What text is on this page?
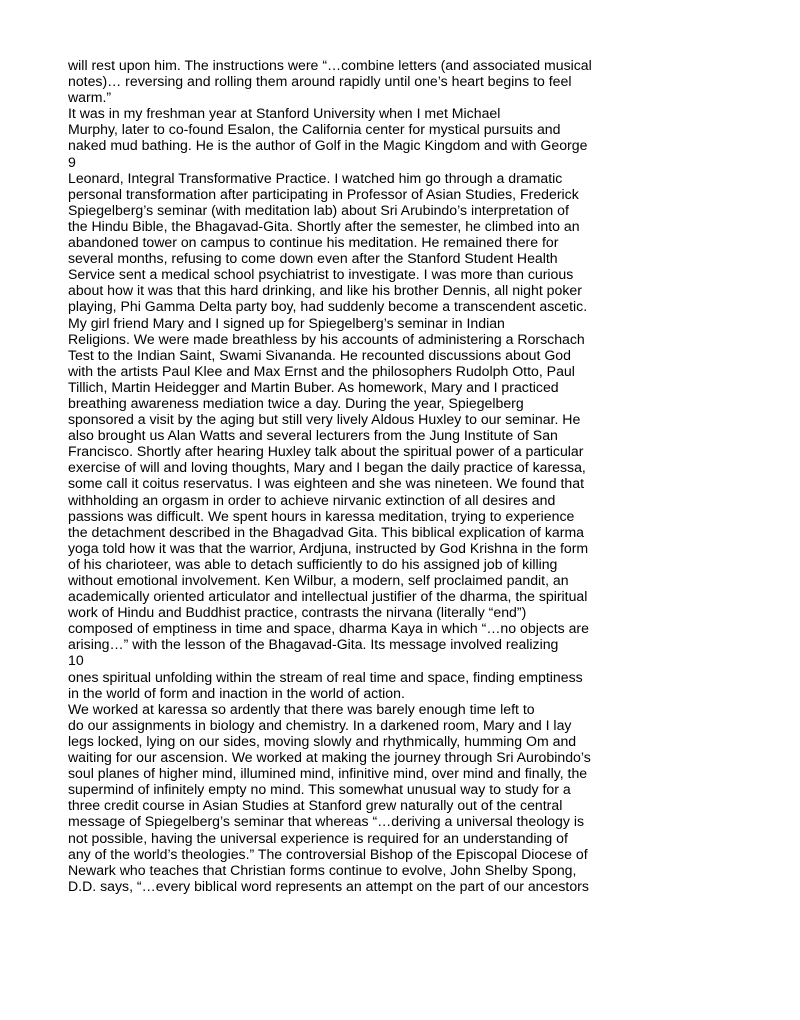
will rest upon him. The instructions were “…combine letters (and associated musical
notes)… reversing and rolling them around rapidly until one’s heart begins to feel
warm.”
It was in my freshman year at Stanford University when I met Michael
Murphy, later to co-found Esalon, the California center for mystical pursuits and
naked mud bathing. He is the author of Golf in the Magic Kingdom and with George
9
Leonard, Integral Transformative Practice. I watched him go through a dramatic
personal transformation after participating in Professor of Asian Studies, Frederick
Spiegelberg’s seminar (with meditation lab) about Sri Arubindo’s interpretation of
the Hindu Bible, the Bhagavad-Gita. Shortly after the semester, he climbed into an
abandoned tower on campus to continue his meditation. He remained there for
several months, refusing to come down even after the Stanford Student Health
Service sent a medical school psychiatrist to investigate. I was more than curious
about how it was that this hard drinking, and like his brother Dennis, all night poker
playing, Phi Gamma Delta party boy, had suddenly become a transcendent ascetic.
My girl friend Mary and I signed up for Spiegelberg’s seminar in Indian
Religions. We were made breathless by his accounts of administering a Rorschach
Test to the Indian Saint, Swami Sivananda. He recounted discussions about God
with the artists Paul Klee and Max Ernst and the philosophers Rudolph Otto, Paul
Tillich, Martin Heidegger and Martin Buber. As homework, Mary and I practiced
breathing awareness mediation twice a day. During the year, Spiegelberg
sponsored a visit by the aging but still very lively Aldous Huxley to our seminar. He
also brought us Alan Watts and several lecturers from the Jung Institute of San
Francisco. Shortly after hearing Huxley talk about the spiritual power of a particular
exercise of will and loving thoughts, Mary and I began the daily practice of karessa,
some call it coitus reservatus. I was eighteen and she was nineteen. We found that
withholding an orgasm in order to achieve nirvanic extinction of all desires and
passions was difficult. We spent hours in karessa meditation, trying to experience
the detachment described in the Bhagadvad Gita. This biblical explication of karma
yoga told how it was that the warrior, Ardjuna, instructed by God Krishna in the form
of his charioteer, was able to detach sufficiently to do his assigned job of killing
without emotional involvement. Ken Wilbur, a modern, self proclaimed pandit, an
academically oriented articulator and intellectual justifier of the dharma, the spiritual
work of Hindu and Buddhist practice, contrasts the nirvana (literally “end”)
composed of emptiness in time and space, dharma Kaya in which “…no objects are
arising…” with the lesson of the Bhagavad-Gita. Its message involved realizing
10
ones spiritual unfolding within the stream of real time and space, finding emptiness
in the world of form and inaction in the world of action.
We worked at karessa so ardently that there was barely enough time left to
do our assignments in biology and chemistry. In a darkened room, Mary and I lay
legs locked, lying on our sides, moving slowly and rhythmically, humming Om and
waiting for our ascension. We worked at making the journey through Sri Aurobindo’s
soul planes of higher mind, illumined mind, infinitive mind, over mind and finally, the
supermind of infinitely empty no mind. This somewhat unusual way to study for a
three credit course in Asian Studies at Stanford grew naturally out of the central
message of Spiegelberg’s seminar that whereas “…deriving a universal theology is
not possible, having the universal experience is required for an understanding of
any of the world’s theologies.” The controversial Bishop of the Episcopal Diocese of
Newark who teaches that Christian forms continue to evolve, John Shelby Spong,
D.D. says, “…every biblical word represents an attempt on the part of our ancestors
